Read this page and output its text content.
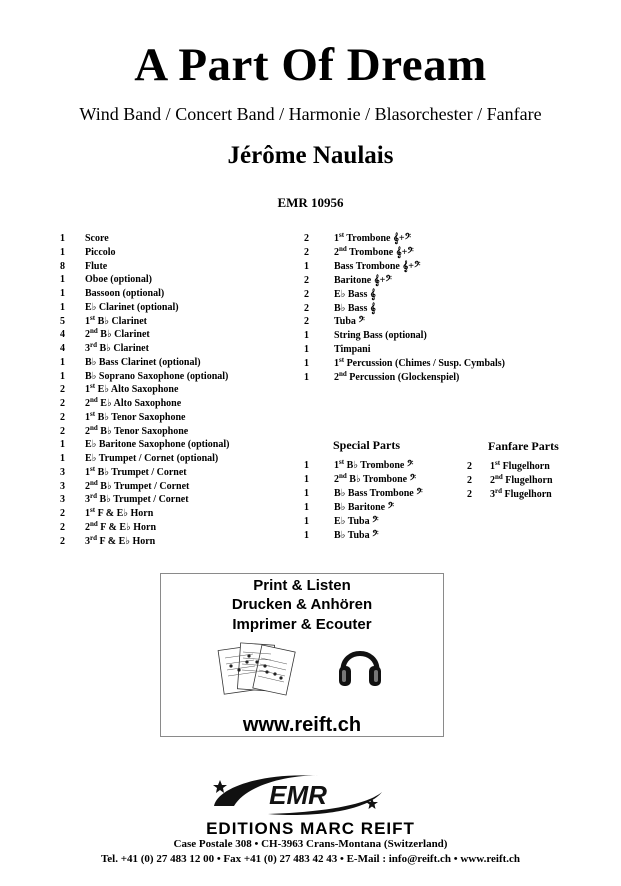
A Part Of Dream
Wind Band / Concert Band / Harmonie / Blasorchester / Fanfare
Jérôme Naulais
EMR 10956
1 Score
1 Piccolo
8 Flute
1 Oboe (optional)
1 Bassoon (optional)
1 E♭ Clarinet (optional)
5 1st B♭ Clarinet
4 2nd B♭ Clarinet
4 3rd B♭ Clarinet
1 B♭ Bass Clarinet (optional)
1 B♭ Soprano Saxophone (optional)
2 1st E♭ Alto Saxophone
2 2nd E♭ Alto Saxophone
2 1st B♭ Tenor Saxophone
2 2nd B♭ Tenor Saxophone
1 E♭ Baritone Saxophone (optional)
1 E♭ Trumpet / Cornet (optional)
3 1st B♭ Trumpet / Cornet
3 2nd B♭ Trumpet / Cornet
3 3rd B♭ Trumpet / Cornet
2 1st F & E♭ Horn
2 2nd F & E♭ Horn
2 3rd F & E♭ Horn
2	1st Trombone 𝄞+𝄢
2	2nd Trombone 𝄞+𝄢
1	Bass Trombone 𝄞+𝄢
2	Baritone 𝄞+𝄢
2	E♭ Bass 𝄞
2	B♭ Bass 𝄞
2	Tuba 𝄢
1	String Bass (optional)
1	Timpani
1	1st Percussion (Chimes / Susp. Cymbals)
1	2nd Percussion (Glockenspiel)
Special Parts
1	1st B♭ Trombone 𝄢
1	2nd B♭ Trombone 𝄢
1	B♭ Bass Trombone 𝄢
1	B♭ Baritone 𝄢
1	E♭ Tuba 𝄢
1	B♭ Tuba 𝄢
Fanfare Parts
2 1st Flugelhorn
2 2nd Flugelhorn
2 3rd Flugelhorn
Print & Listen
Drucken & Anhören
Imprimer & Ecouter
www.reift.ch
EMR
EDITIONS MARC REIFT
Case Postale 308 • CH-3963 Crans-Montana (Switzerland)
Tel. +41 (0) 27 483 12 00 • Fax +41 (0) 27 483 42 43 • E-Mail : info@reift.ch • www.reift.ch
